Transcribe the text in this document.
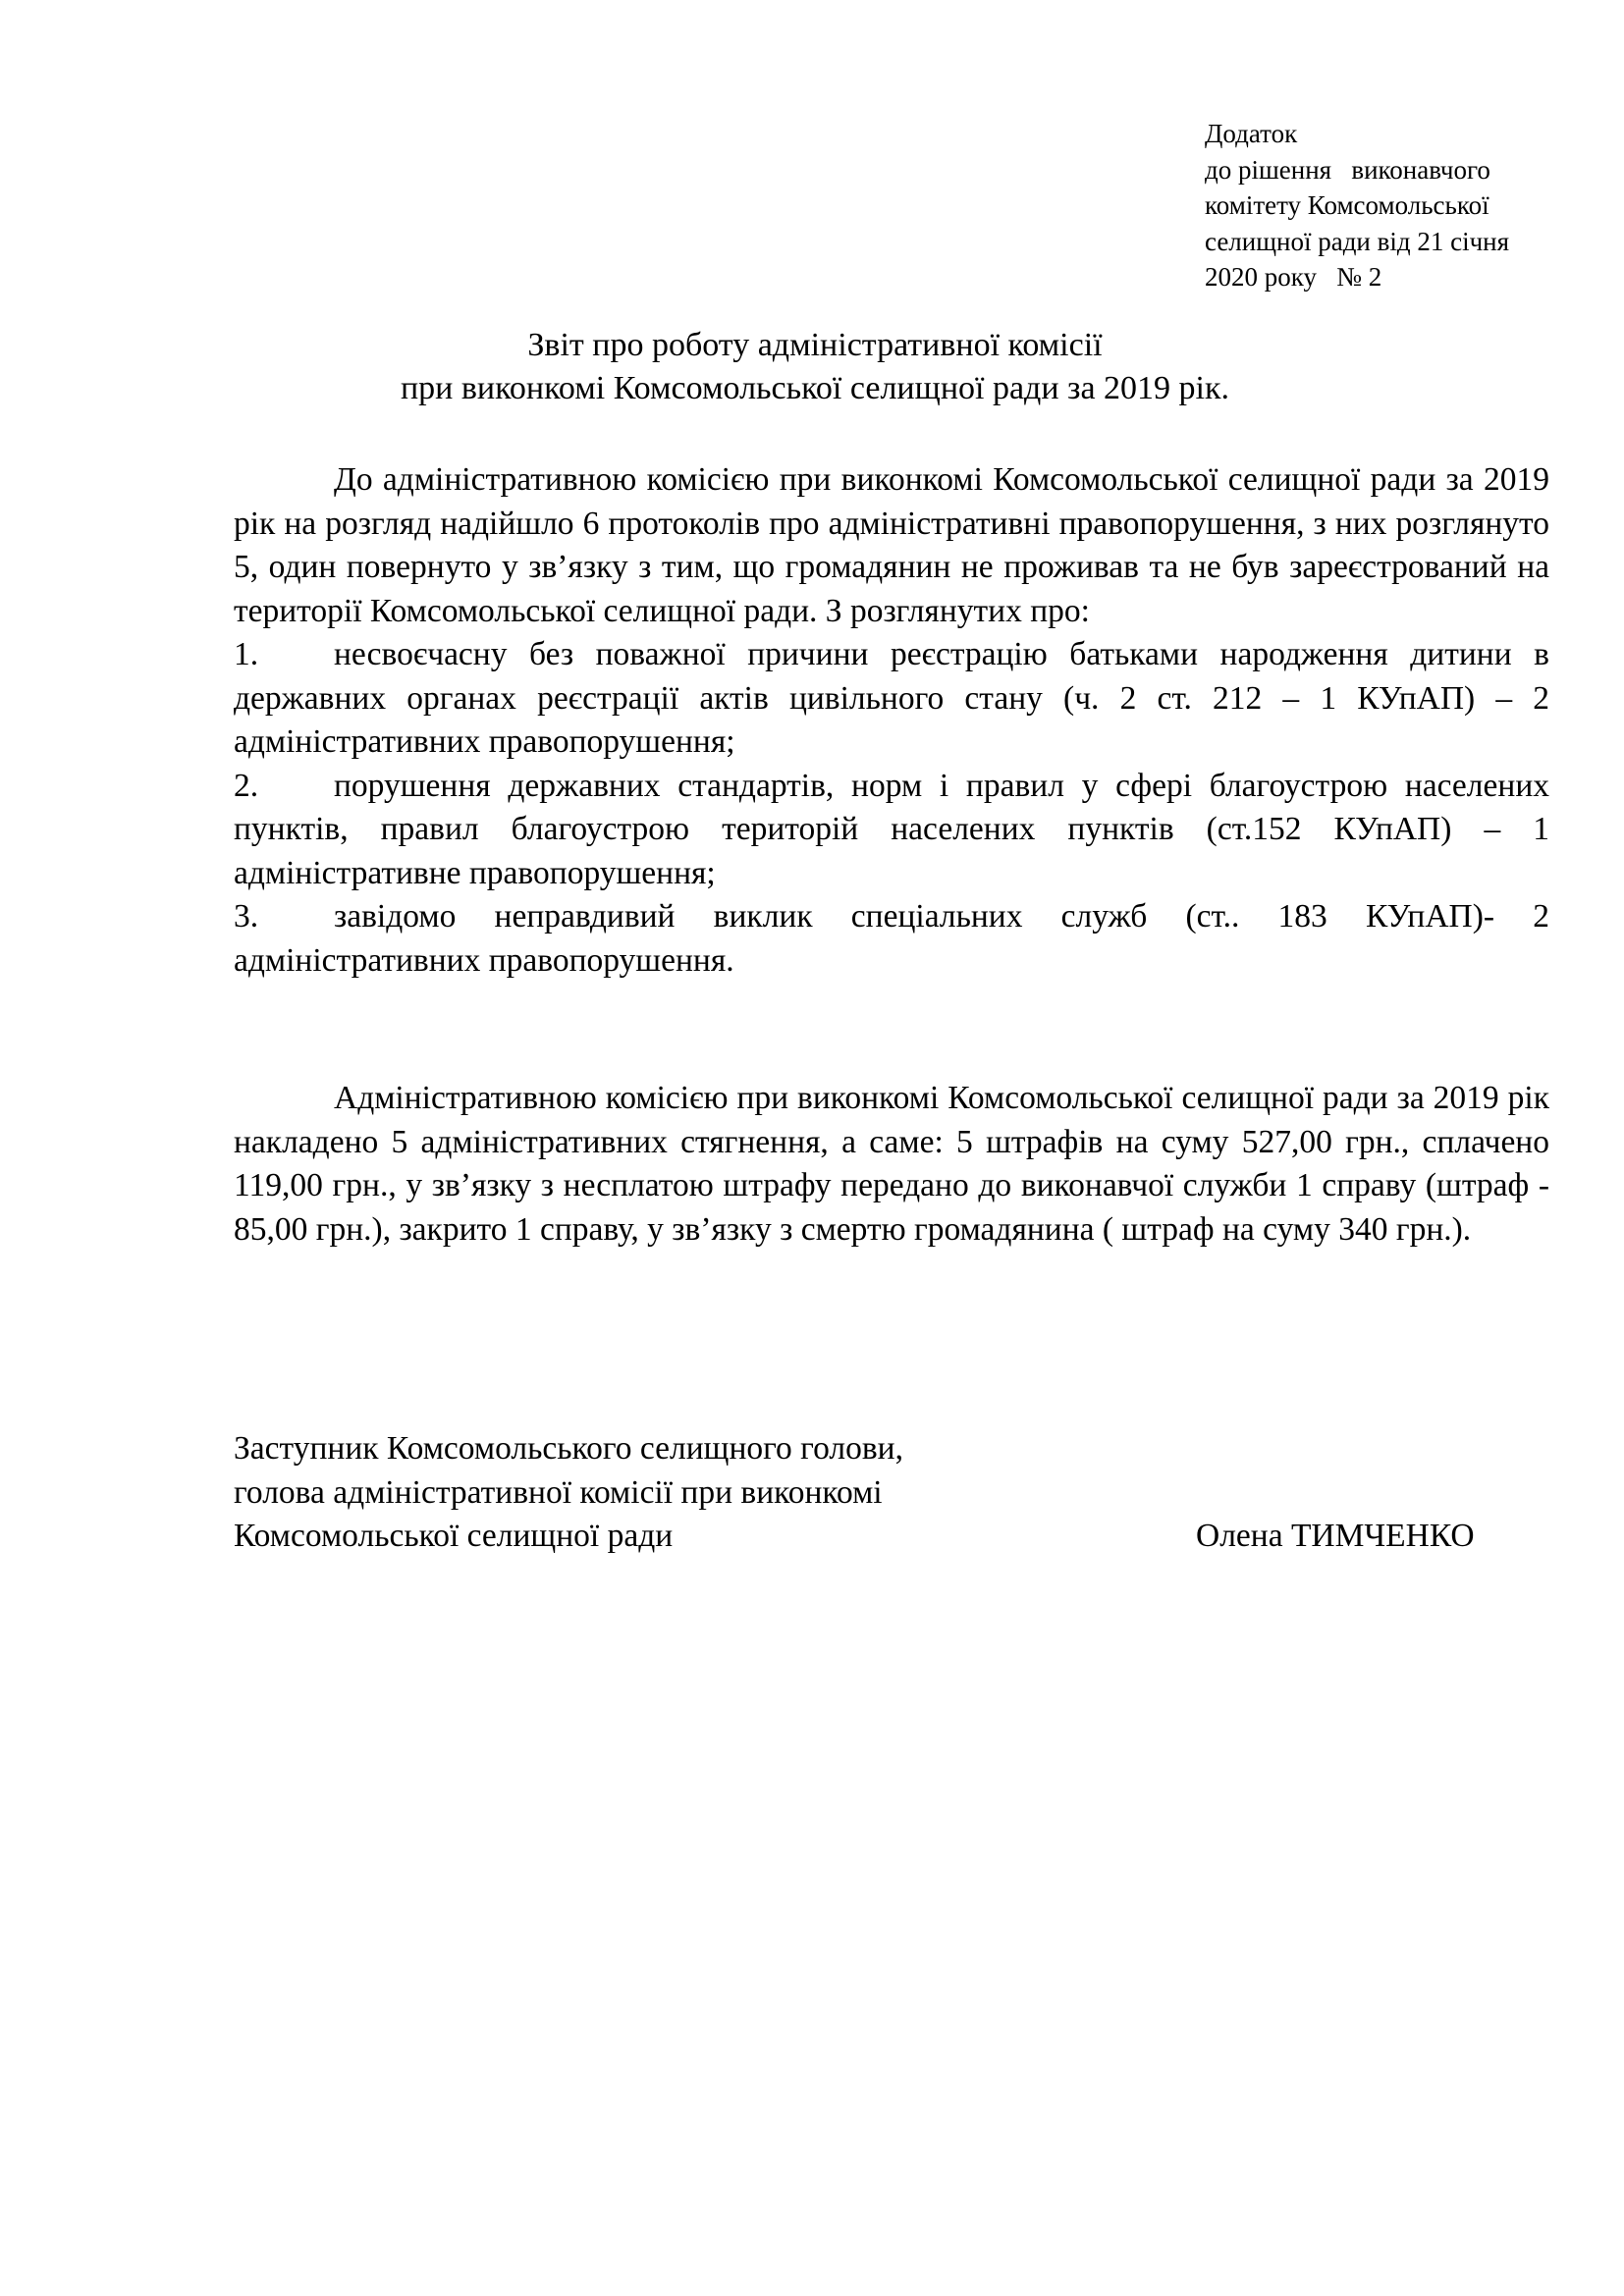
Додаток
до рішення   виконавчого
комітету Комсомольської
селищної ради від 21 січня
2020 року   № 2
Звіт про роботу адміністративної комісії
при виконкомі Комсомольської селищної ради за 2019 рік.

До адміністративною комісією при виконкомі Комсомольської селищної ради за 2019 рік на розгляд надійшло 6 протоколів про адміністративні правопорушення, з них розглянуто 5, один повернуто у зв’язку з тим, що громадянин не проживав та не був зареєстрований на території Комсомольської селищної ради. З розглянутих про:

1. несвоєчасну без поважної причини реєстрацію батьками народження дитини в державних органах реєстрації актів цивільного стану (ч. 2 ст. 212 – 1 КУпАП) – 2 адміністративних правопорушення;

2. порушення державних стандартів, норм і правил у сфері благоустрою населених пунктів, правил благоустрою територій населених пунктів (ст.152 КУпАП) – 1 адміністративне правопорушення;

3. завідомо неправдивий виклик спеціальних служб (ст.. 183 КУпАП)- 2 адміністративних правопорушення.

Адміністративною комісією при виконкомі Комсомольської селищної ради за 2019 рік накладено 5 адміністративних стягнення, а саме: 5 штрафів на суму 527,00 грн., сплачено 119,00 грн., у зв’язку з несплатою штрафу передано до виконавчої служби 1 справу (штраф - 85,00 грн.), закрито 1 справу, у зв’язку з смертю громадянина ( штраф на суму 340 грн.).

Заступник Комсомольського селищного голови,
голова адміністративної комісії при виконкомі
Комсомольської селищної ради	Олена ТИМЧЕНКО
